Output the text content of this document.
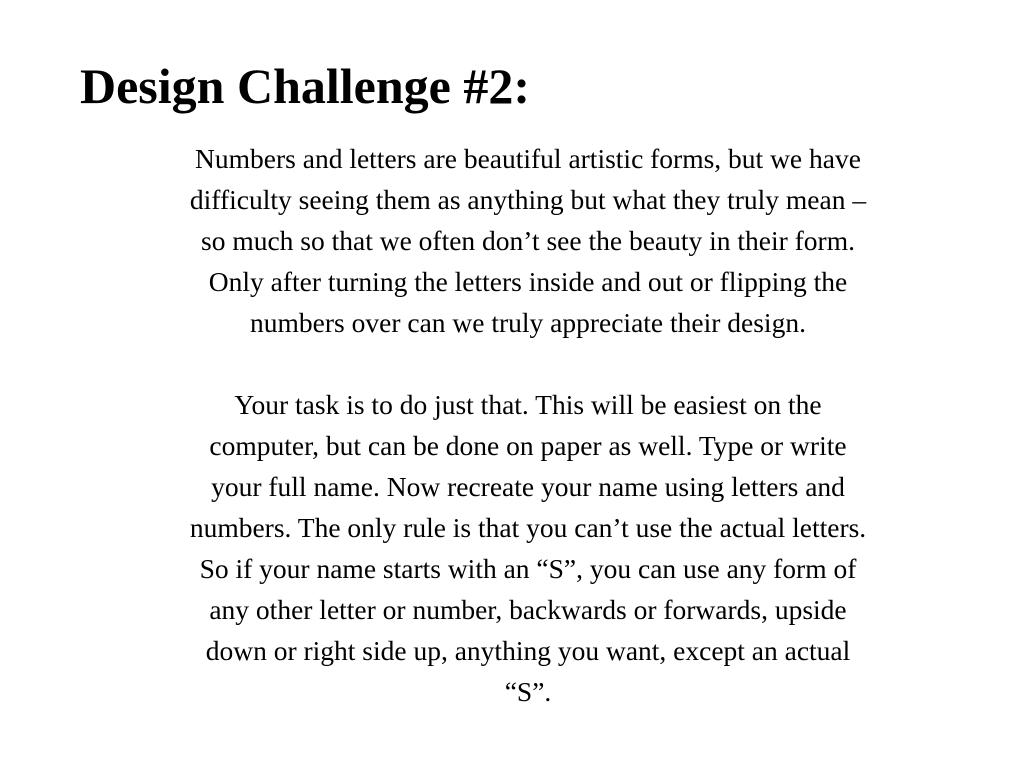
Design Challenge #2:

Numbers and letters are beautiful artistic forms, but we have

difficulty seeing them as anything but what they truly mean –

so much so that we often don’t see the beauty in their form.

Only after turning the letters inside and out or flipping the

numbers over can we truly appreciate their design.

Your task is to do just that. This will be easiest on the

computer, but can be done on paper as well. Type or write

your full name. Now recreate your name using letters and

numbers. The only rule is that you can’t use the actual letters.

So if your name starts with an “S”, you can use any form of

any other letter or number, backwards or forwards, upside

down or right side up, anything you want, except an actual

“S”.
